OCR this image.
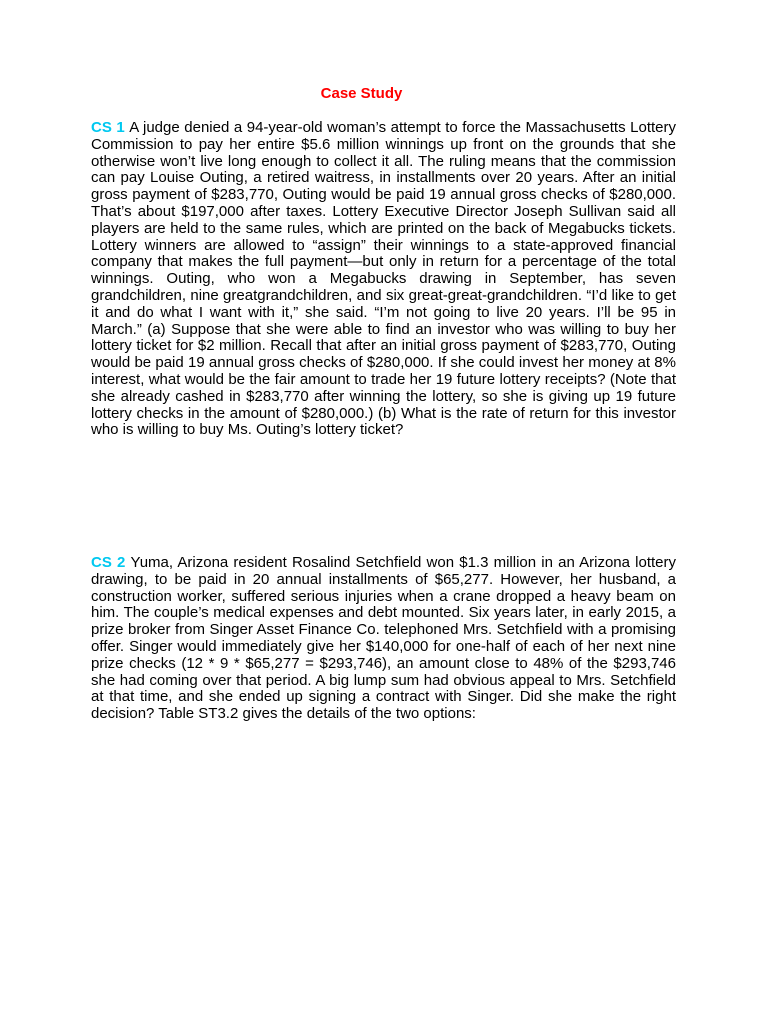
Case Study
CS 1 A judge denied a 94-year-old woman’s attempt to force the Massachusetts Lottery Commission to pay her entire $5.6 million winnings up front on the grounds that she otherwise won’t live long enough to collect it all. The ruling means that the commission can pay Louise Outing, a retired waitress, in installments over 20 years. After an initial gross payment of $283,770, Outing would be paid 19 annual gross checks of $280,000. That’s about $197,000 after taxes. Lottery Executive Director Joseph Sullivan said all players are held to the same rules, which are printed on the back of Megabucks tickets. Lottery winners are allowed to “assign” their winnings to a state-approved financial company that makes the full payment—but only in return for a percentage of the total winnings. Outing, who won a Megabucks drawing in September, has seven grandchildren, nine greatgrandchildren, and six great-great-grandchildren. “I’d like to get it and do what I want with it,” she said. “I’m not going to live 20 years. I’ll be 95 in March.” (a) Suppose that she were able to find an investor who was willing to buy her lottery ticket for $2 million. Recall that after an initial gross payment of $283,770, Outing would be paid 19 annual gross checks of $280,000. If she could invest her money at 8% interest, what would be the fair amount to trade her 19 future lottery receipts? (Note that she already cashed in $283,770 after winning the lottery, so she is giving up 19 future lottery checks in the amount of $280,000.) (b) What is the rate of return for this investor who is willing to buy Ms. Outing’s lottery ticket?
CS 2 Yuma, Arizona resident Rosalind Setchfield won $1.3 million in an Arizona lottery drawing, to be paid in 20 annual installments of $65,277. However, her husband, a construction worker, suffered serious injuries when a crane dropped a heavy beam on him. The couple’s medical expenses and debt mounted. Six years later, in early 2015, a prize broker from Singer Asset Finance Co. telephoned Mrs. Setchfield with a promising offer. Singer would immediately give her $140,000 for one-half of each of her next nine prize checks (12 * 9 * $65,277 = $293,746), an amount close to 48% of the $293,746 she had coming over that period. A big lump sum had obvious appeal to Mrs. Setchfield at that time, and she ended up signing a contract with Singer. Did she make the right decision? Table ST3.2 gives the details of the two options:
